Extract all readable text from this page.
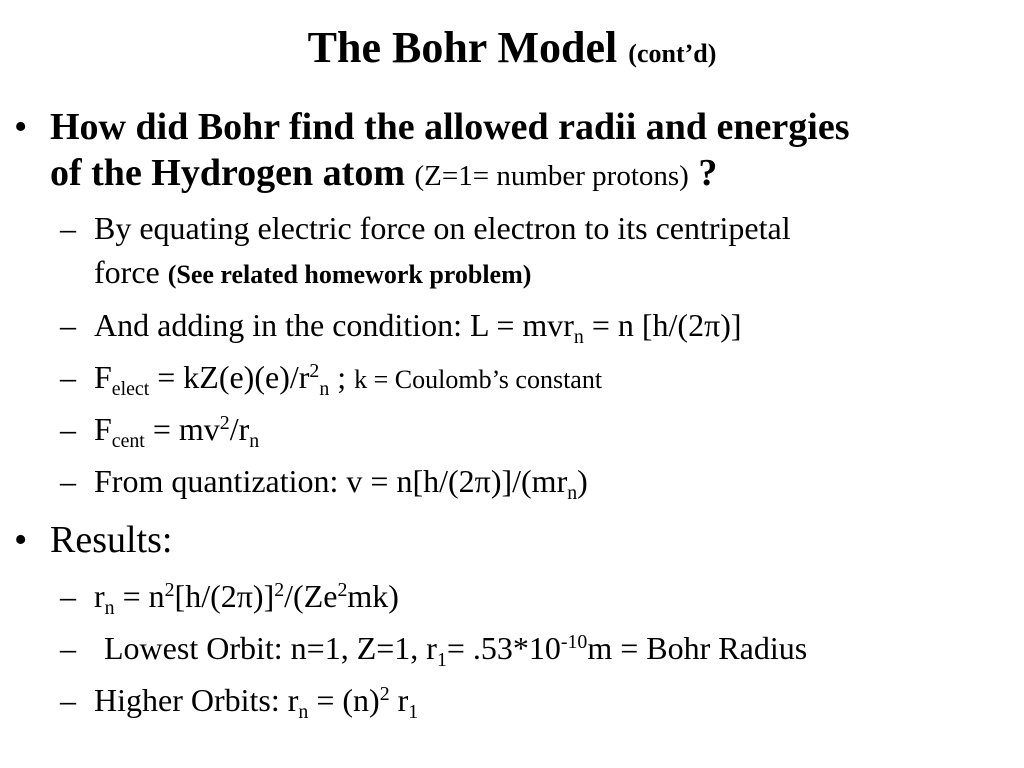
The Bohr Model (cont’d)
• How did Bohr find the allowed radii and energies
of the Hydrogen atom (Z=1= number protons) ?
– By equating electric force on electron to its centripetal
force (See related homework problem)
– And adding in the condition: L = mvr$_n$ = n [h/(2π)]
– $F_{elect} = kZ(e)(e)/r^2_n$ ; k = Coulomb’s constant
– $F_{cent} = mv^2/r_n$
– From quantization: $v = n[h/(2\pi)]/(mr_n)$
• Results:
– $r_n = n^2[h/(2\pi)]^2/(Ze^2mk)$
– Lowest Orbit: n=1, Z=1, $r_1= .53*10^{-10}m$ = Bohr Radius
– Higher Orbits: $r_n = (n)^2$ $r_1$
